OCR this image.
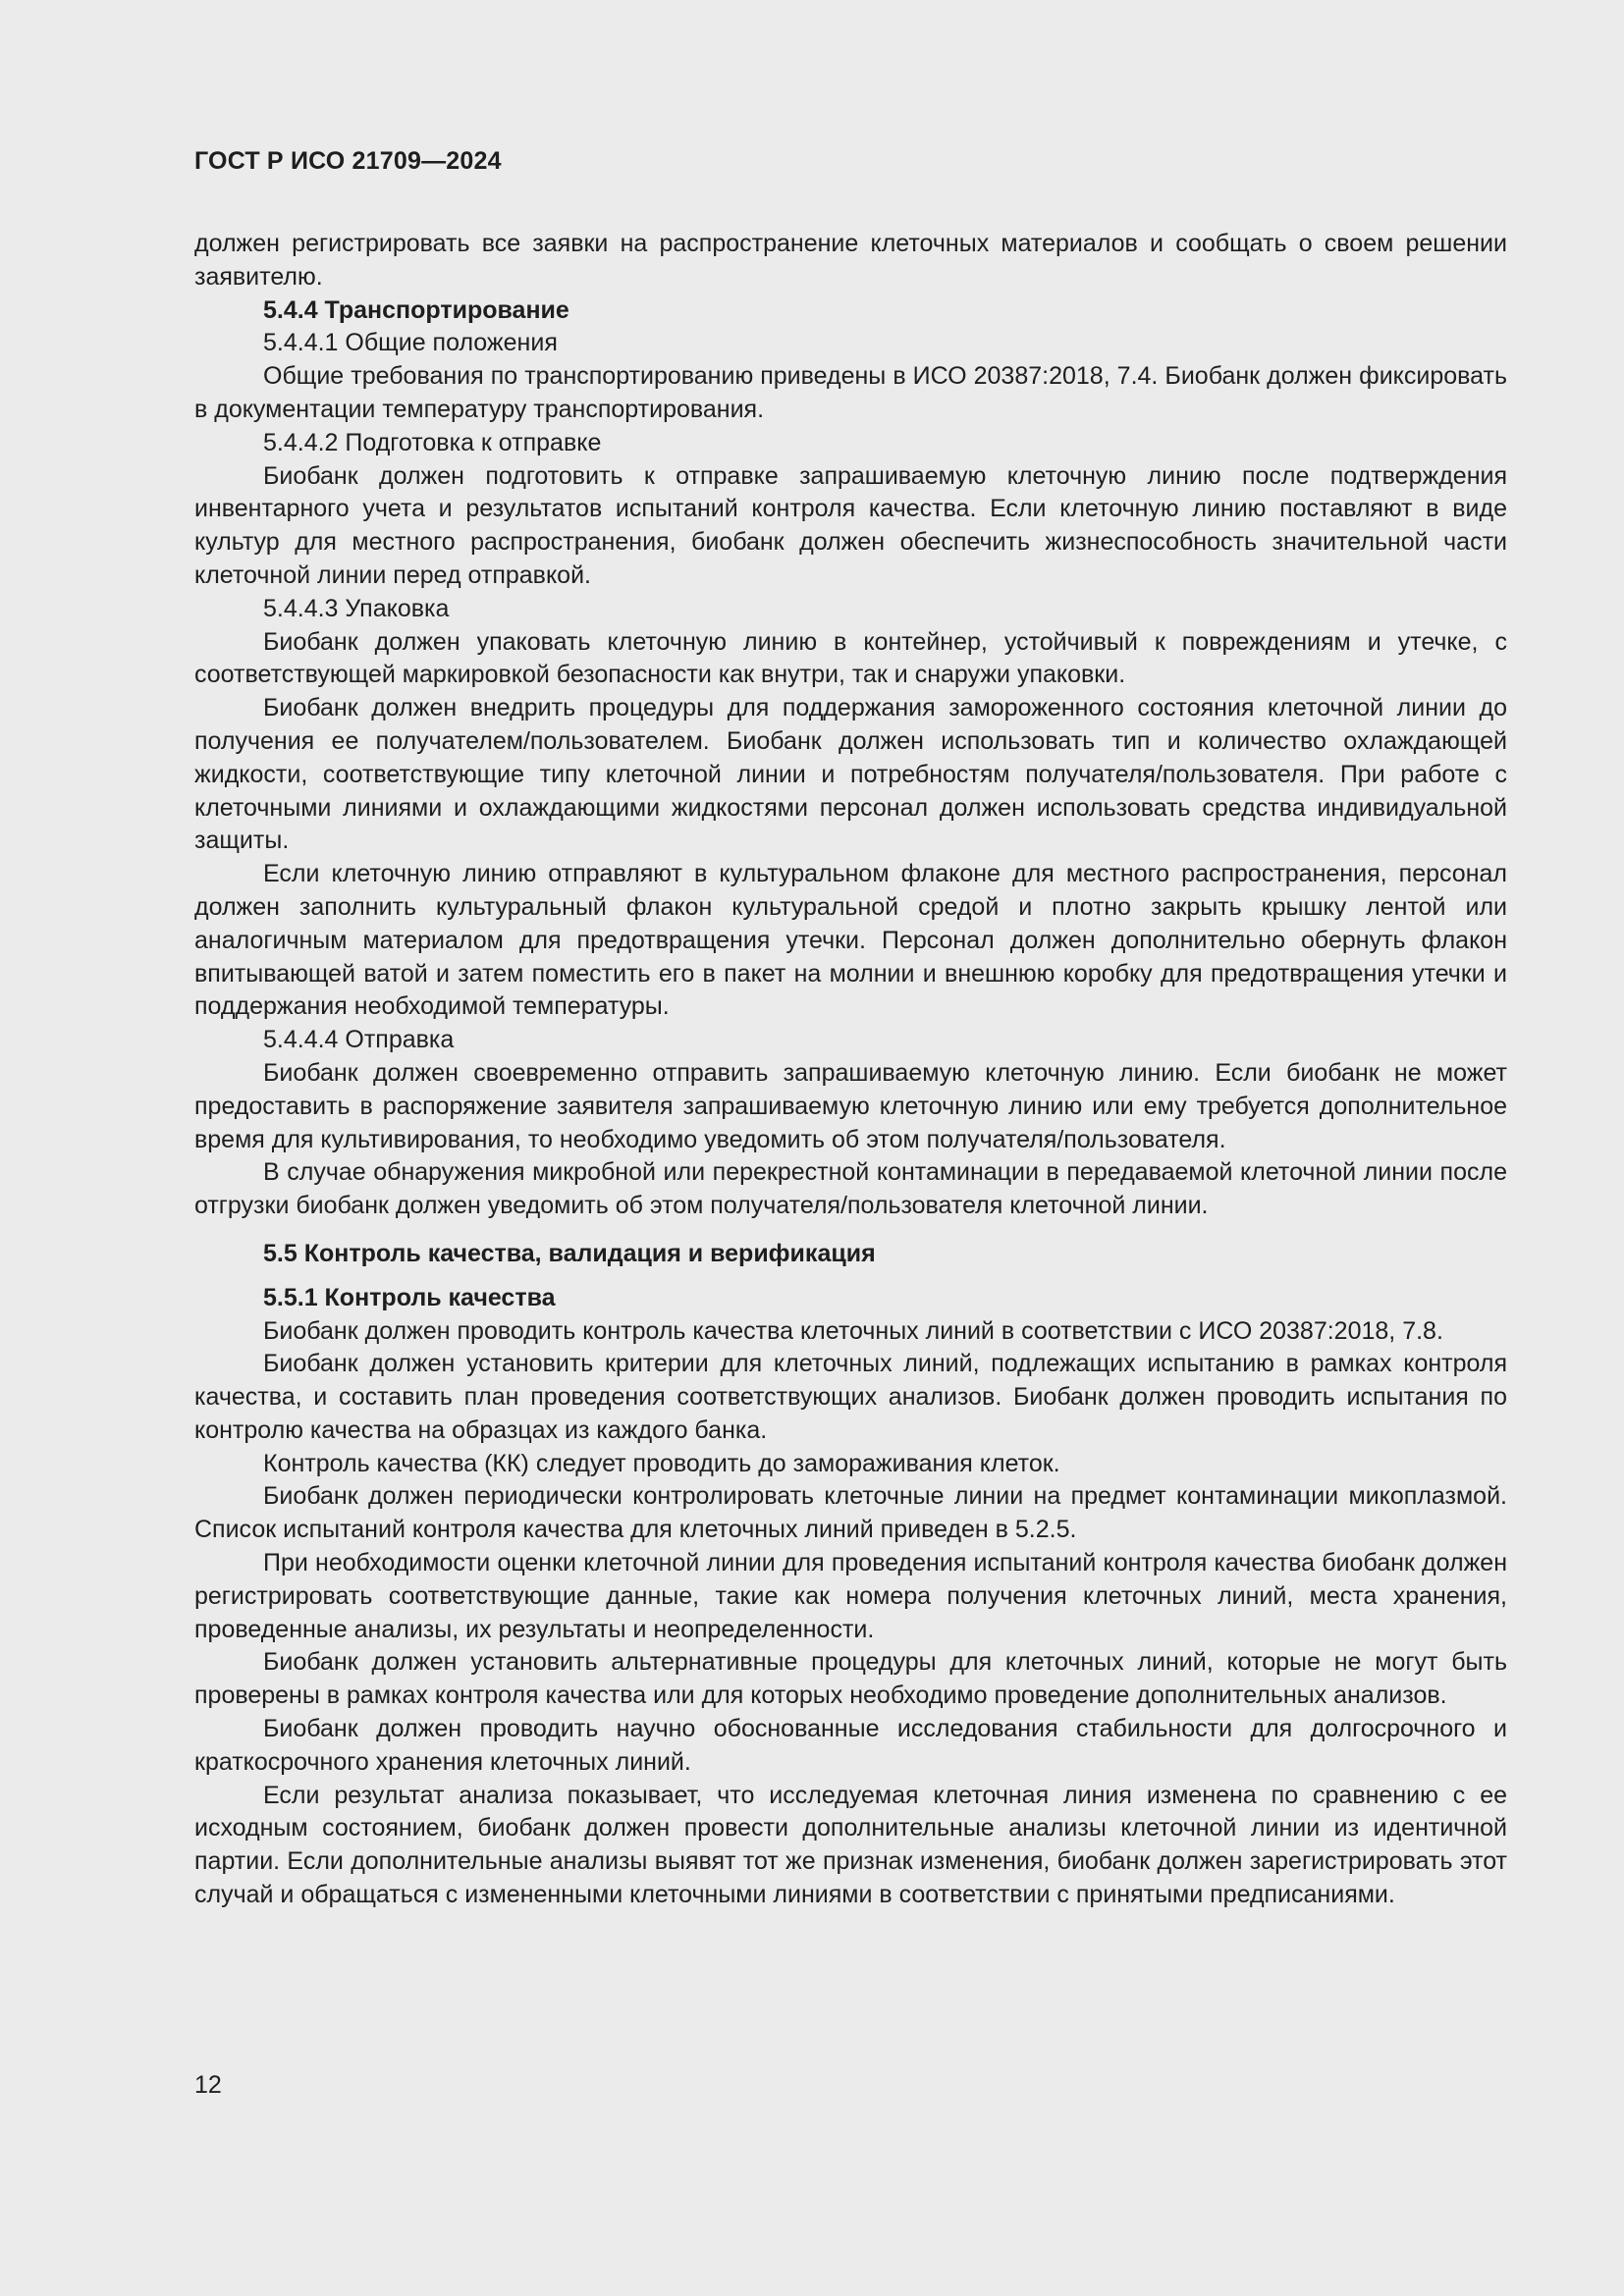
ГОСТ Р ИСО 21709—2024

должен регистрировать все заявки на распространение клеточных материалов и сообщать о своем решении заявителю.

5.4.4 Транспортирование

5.4.4.1 Общие положения

Общие требования по транспортированию приведены в ИСО 20387:2018, 7.4. Биобанк должен фиксировать в документации температуру транспортирования.

5.4.4.2 Подготовка к отправке

Биобанк должен подготовить к отправке запрашиваемую клеточную линию после подтверждения инвентарного учета и результатов испытаний контроля качества. Если клеточную линию поставляют в виде культур для местного распространения, биобанк должен обеспечить жизнеспособность значительной части клеточной линии перед отправкой.

5.4.4.3 Упаковка

Биобанк должен упаковать клеточную линию в контейнер, устойчивый к повреждениям и утечке, с соответствующей маркировкой безопасности как внутри, так и снаружи упаковки.

Биобанк должен внедрить процедуры для поддержания замороженного состояния клеточной линии до получения ее получателем/пользователем. Биобанк должен использовать тип и количество охлаждающей жидкости, соответствующие типу клеточной линии и потребностям получателя/пользователя. При работе с клеточными линиями и охлаждающими жидкостями персонал должен использовать средства индивидуальной защиты.

Если клеточную линию отправляют в культуральном флаконе для местного распространения, персонал должен заполнить культуральный флакон культуральной средой и плотно закрыть крышку лентой или аналогичным материалом для предотвращения утечки. Персонал должен дополнительно обернуть флакон впитывающей ватой и затем поместить его в пакет на молнии и внешнюю коробку для предотвращения утечки и поддержания необходимой температуры.

5.4.4.4 Отправка

Биобанк должен своевременно отправить запрашиваемую клеточную линию. Если биобанк не может предоставить в распоряжение заявителя запрашиваемую клеточную линию или ему требуется дополнительное время для культивирования, то необходимо уведомить об этом получателя/пользователя.

В случае обнаружения микробной или перекрестной контаминации в передаваемой клеточной линии после отгрузки биобанк должен уведомить об этом получателя/пользователя клеточной линии.

5.5 Контроль качества, валидация и верификация

5.5.1 Контроль качества

Биобанк должен проводить контроль качества клеточных линий в соответствии с ИСО 20387:2018, 7.8.

Биобанк должен установить критерии для клеточных линий, подлежащих испытанию в рамках контроля качества, и составить план проведения соответствующих анализов. Биобанк должен проводить испытания по контролю качества на образцах из каждого банка.

Контроль качества (КК) следует проводить до замораживания клеток.

Биобанк должен периодически контролировать клеточные линии на предмет контаминации микоплазмой. Список испытаний контроля качества для клеточных линий приведен в 5.2.5.

При необходимости оценки клеточной линии для проведения испытаний контроля качества биобанк должен регистрировать соответствующие данные, такие как номера получения клеточных линий, места хранения, проведенные анализы, их результаты и неопределенности.

Биобанк должен установить альтернативные процедуры для клеточных линий, которые не могут быть проверены в рамках контроля качества или для которых необходимо проведение дополнительных анализов.

Биобанк должен проводить научно обоснованные исследования стабильности для долгосрочного и краткосрочного хранения клеточных линий.

Если результат анализа показывает, что исследуемая клеточная линия изменена по сравнению с ее исходным состоянием, биобанк должен провести дополнительные анализы клеточной линии из идентичной партии. Если дополнительные анализы выявят тот же признак изменения, биобанк должен зарегистрировать этот случай и обращаться с измененными клеточными линиями в соответствии с принятыми предписаниями.

12
